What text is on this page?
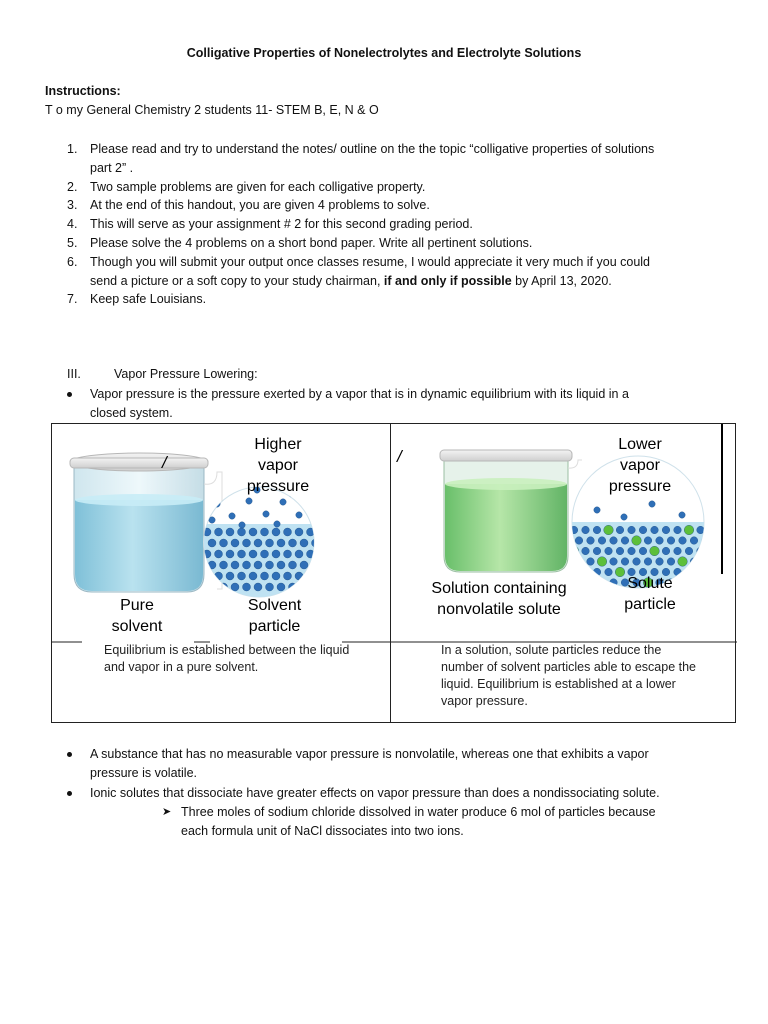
Colligative Properties of Nonelectrolytes and Electrolyte Solutions
Instructions:
T o my General Chemistry 2 students 11- STEM B, E, N & O
1. Please read and try to understand the notes/ outline on the the topic “colligative properties of solutions
part 2” .
2. Two sample problems are given for each colligative property.
3. At the end of this handout, you are given 4 problems to solve.
4. This will serve as your assignment # 2 for this second grading period.
5. Please solve the 4 problems on a short bond paper. Write all pertinent solutions.
6. Though you will submit your output once classes resume, I would appreciate it very much if you could
send a picture or a soft copy to your study chairman, if and only if possible by April 13, 2020.
7. Keep safe Louisians.
III.	Vapor Pressure Lowering:
Vapor pressure is the pressure exerted by a vapor that is in dynamic equilibrium with its liquid in a
closed system.
/	/
Higher
vapor
pressure
Pure
solvent
Solvent
particle
Lower
vapor
pressure
Solution containing
nonvolatile solute
Solute
particle
Equilibrium is established between the liquid
and vapor in a pure solvent.
In a solution, solute particles reduce the
number of solvent particles able to escape the
liquid. Equilibrium is established at a lower
vapor pressure.
A substance that has no measurable vapor pressure is nonvolatile, whereas one that exhibits a vapor
pressure is volatile.
Ionic solutes that dissociate have greater effects on vapor pressure than does a nondissociating solute.
➤ Three moles of sodium chloride dissolved in water produce 6 mol of particles because
each formula unit of NaCl dissociates into two ions.
